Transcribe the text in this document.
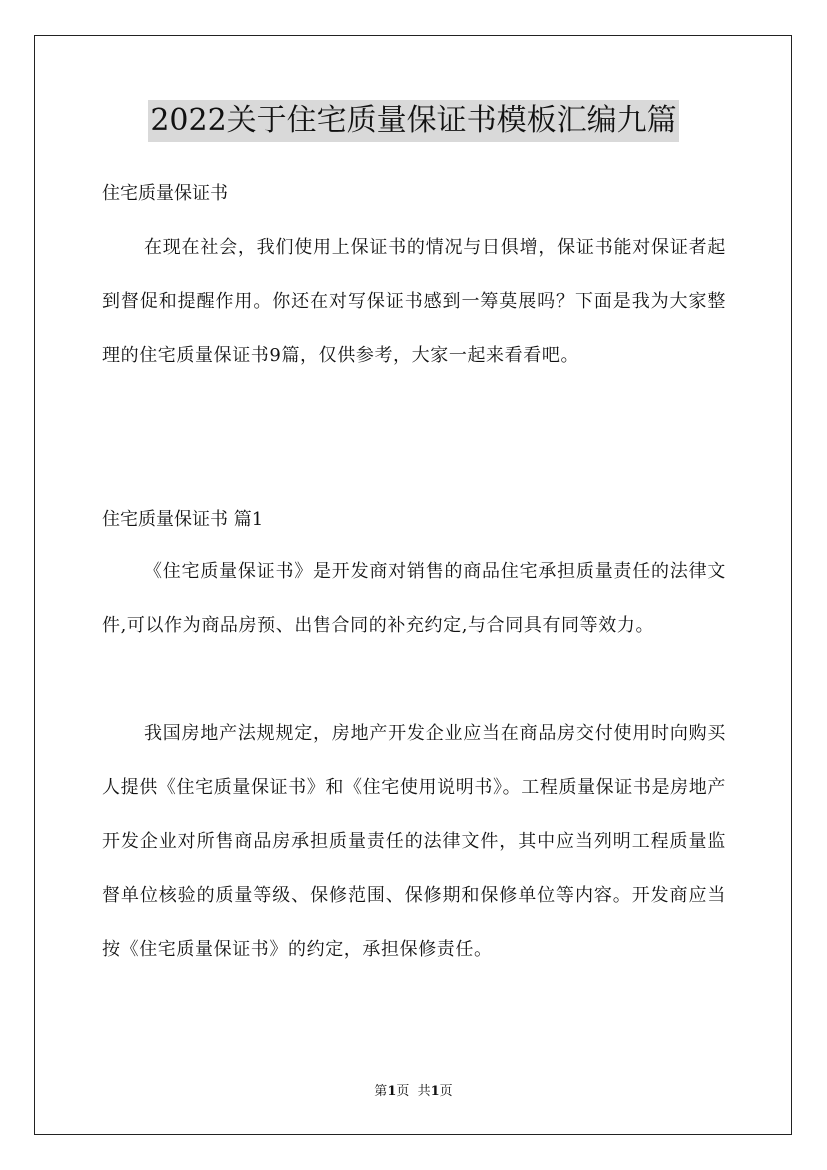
2022关于住宅质量保证书模板汇编九篇
住宅质量保证书

在现在社会，我们使用上保证书的情况与日俱增，保证书能对保证者起到督促和提醒作用。你还在对写保证书感到一筹莫展吗？下面是我为大家整理的住宅质量保证书9篇，仅供参考，大家一起来看看吧。

住宅质量保证书 篇1

《住宅质量保证书》是开发商对销售的商品住宅承担质量责任的法律文件,可以作为商品房预、出售合同的补充约定,与合同具有同等效力。

我国房地产法规规定，房地产开发企业应当在商品房交付使用时向购买人提供《住宅质量保证书》和《住宅使用说明书》。工程质量保证书是房地产开发企业对所售商品房承担质量责任的法律文件，其中应当列明工程质量监督单位核验的质量等级、保修范围、保修期和保修单位等内容。开发商应当按《住宅质量保证书》的约定，承担保修责任。

第1页  共1页
